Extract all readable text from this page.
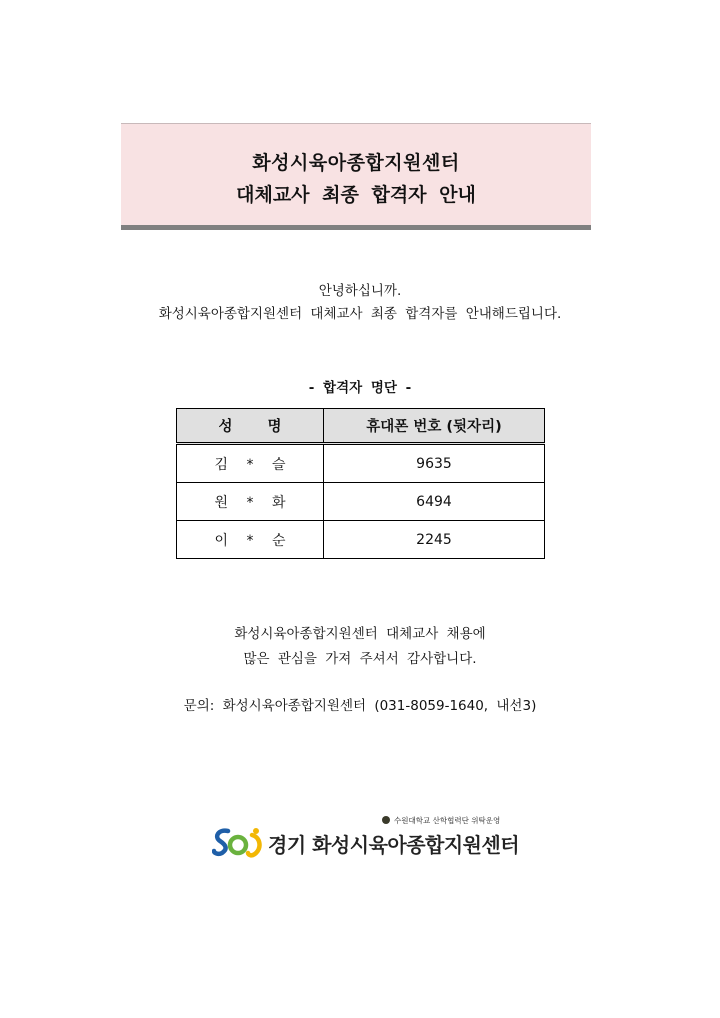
화성시육아종합지원센터
대체교사 최종 합격자 안내
안녕하십니까.
화성시육아종합지원센터 대체교사 최종 합격자를 안내해드립니다.
- 합격자 명단 -
성 명	휴대폰 번호 (뒷자리)
김 * 슬	9635
원 * 화	6494
이 * 순	2245
화성시육아종합지원센터 대체교사 채용에
많은 관심을 가져 주셔서 감사합니다.
문의: 화성시육아종합지원센터 (031-8059-1640, 내선3)
수원대학교 산학협력단 위탁운영
경기 화성시육아종합지원센터
